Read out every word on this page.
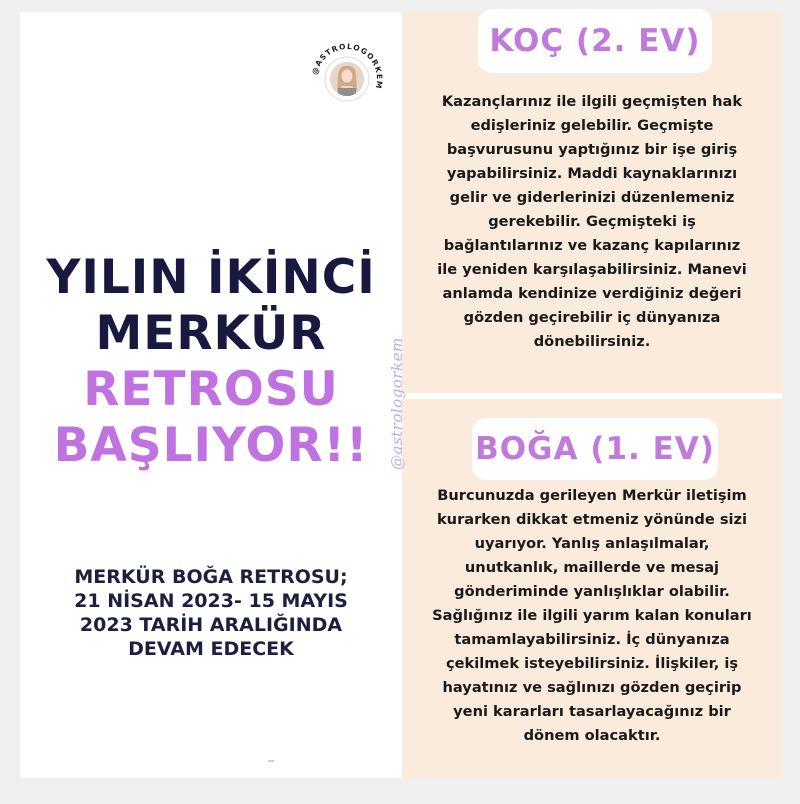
@ASTROLOGORKEM
@astrologorkem
YILIN İKİNCİ
MERKÜR
RETROSU
BAŞLIYOR!!
MERKÜR BOĞA RETROSU;
21 NİSAN 2023- 15 MAYIS
2023 TARİH ARALIĞINDA
DEVAM EDECEK
KOÇ (2. EV)
Kazançlarınız ile ilgili geçmişten hak
edişleriniz gelebilir. Geçmişte
başvurusunu yaptığınız bir işe giriş
yapabilirsiniz. Maddi kaynaklarınızı
gelir ve giderlerinizi düzenlemeniz
gerekebilir. Geçmişteki iş
bağlantılarınız ve kazanç kapılarınız
ile yeniden karşılaşabilirsiniz. Manevi
anlamda kendinize verdiğiniz değeri
gözden geçirebilir iç dünyanıza
dönebilirsiniz.
BOĞA (1. EV)
Burcunuzda gerileyen Merkür iletişim
kurarken dikkat etmeniz yönünde sizi
uyarıyor. Yanlış anlaşılmalar,
unutkanlık, maillerde ve mesaj
gönderiminde yanlışlıklar olabilir.
Sağlığınız ile ilgili yarım kalan konuları
tamamlayabilirsiniz. İç dünyanıza
çekilmek isteyebilirsiniz. İlişkiler, iş
hayatınız ve sağlınızı gözden geçirip
yeni kararları tasarlayacağınız bir
dönem olacaktır.
